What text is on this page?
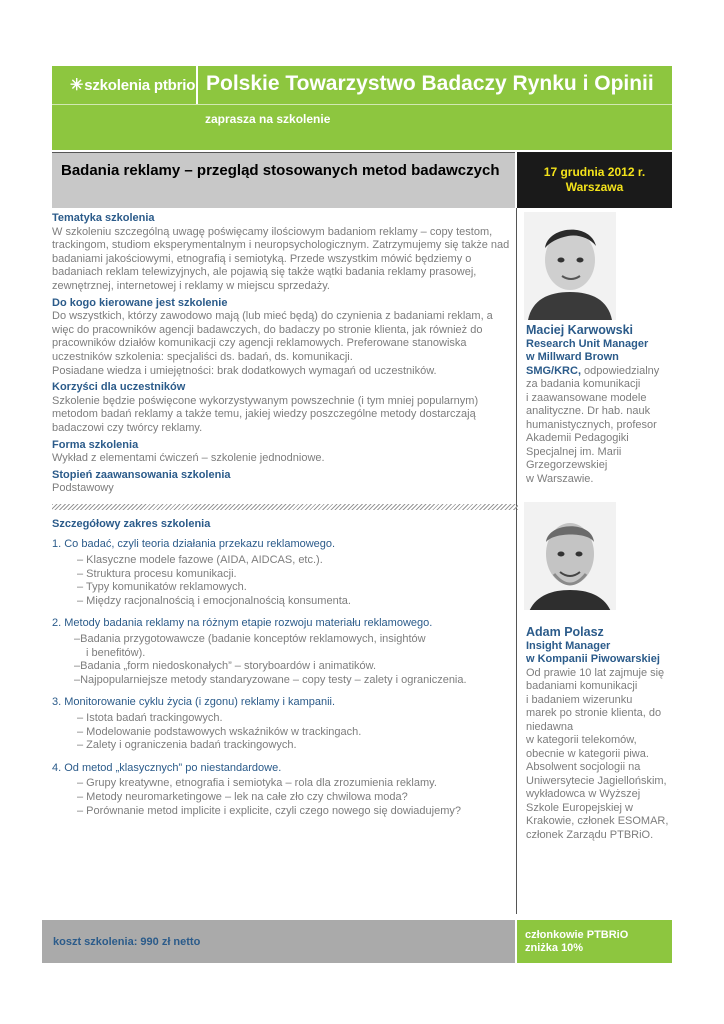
✳szkolenia ptbrio Polskie Towarzystwo Badaczy Rynku i Opinii
zaprasza na szkolenie
Badania reklamy – przegląd stosowanych metod badawczych	17 grudnia 2012 r.
Warszawa
Tematyka szkolenia
W szkoleniu szczególną uwagę poświęcamy ilościowym badaniom reklamy – copy testom, trackingom, studiom eksperymentalnym i neuropsychologicznym. Zatrzymujemy się także nad badaniami jakościowymi, etnografią i semiotyką. Przede wszystkim mówić będziemy o badaniach reklam telewizyjnych, ale pojawią się także wątki badania reklamy prasowej, zewnętrznej, internetowej i reklamy w miejscu sprzedaży.
Do kogo kierowane jest szkolenie
Do wszystkich, którzy zawodowo mają (lub mieć będą) do czynienia z badaniami reklam, a więc do pracowników agencji badawczych, do badaczy po stronie klienta, jak również do pracowników działów komunikacji czy agencji reklamowych. Preferowane stanowiska uczestników szkolenia: specjaliści ds. badań, ds. komunikacji.
Posiadane wiedza i umiejętności: brak dodatkowych wymagań od uczestników.
Korzyści dla uczestników
Szkolenie będzie poświęcone wykorzystywanym powszechnie (i tym mniej popularnym) metodom badań reklamy a także temu, jakiej wiedzy poszczególne metody dostarczają badaczowi czy twórcy reklamy.
Forma szkolenia
Wykład z elementami ćwiczeń – szkolenie jednodniowe.
Stopień zaawansowania szkolenia
Podstawowy
Szczegółowy zakres szkolenia
1. Co badać, czyli teoria działania przekazu reklamowego.
– Klasyczne modele fazowe (AIDA, AIDCAS, etc.).
– Struktura procesu komunikacji.
– Typy komunikatów reklamowych.
– Między racjonalnością i emocjonalnością konsumenta.
2. Metody badania reklamy na różnym etapie rozwoju materiału reklamowego.
–Badania przygotowawcze (badanie konceptów reklamowych, insightów
i benefitów).
–Badania „form niedoskonałych” – storyboardów i animatików.
–Najpopularniejsze metody standaryzowane – copy testy – zalety i ograniczenia.
3. Monitorowanie cyklu życia (i zgonu) reklamy i kampanii.
– Istota badań trackingowych.
– Modelowanie podstawowych wskaźników w trackingach.
– Zalety i ograniczenia badań trackingowych.
4. Od metod „klasycznych” po niestandardowe.
– Grupy kreatywne, etnografia i semiotyka – rola dla zrozumienia reklamy.
– Metody neuromarketingowe – lek na całe zło czy chwilowa moda?
– Porównanie metod implicite i explicite, czyli czego nowego się dowiadujemy?
Maciej Karwowski
Research Unit Manager
w Millward Brown
SMG/KRC, odpowiedzialny
za badania komunikacji
i zaawansowane modele
analityczne. Dr hab. nauk
humanistycznych, profesor
Akademii Pedagogiki
Specjalnej im. Marii
Grzegorzewskiej
w Warszawie.
Adam Polasz
Insight Manager
w Kompanii Piwowarskiej
Od prawie 10 lat zajmuje się
badaniami komunikacji
i badaniem wizerunku
marek po stronie klienta, do
niedawna
w kategorii telekomów,
obecnie w kategorii piwa.
Absolwent socjologii na
Uniwersytecie Jagiellońskim,
wykładowca w Wyższej
Szkole Europejskiej w
Krakowie, członek ESOMAR,
członek Zarządu PTBRiO.
koszt szkolenia: 990 zł netto
członkowie PTBRiO
zniżka 10%
